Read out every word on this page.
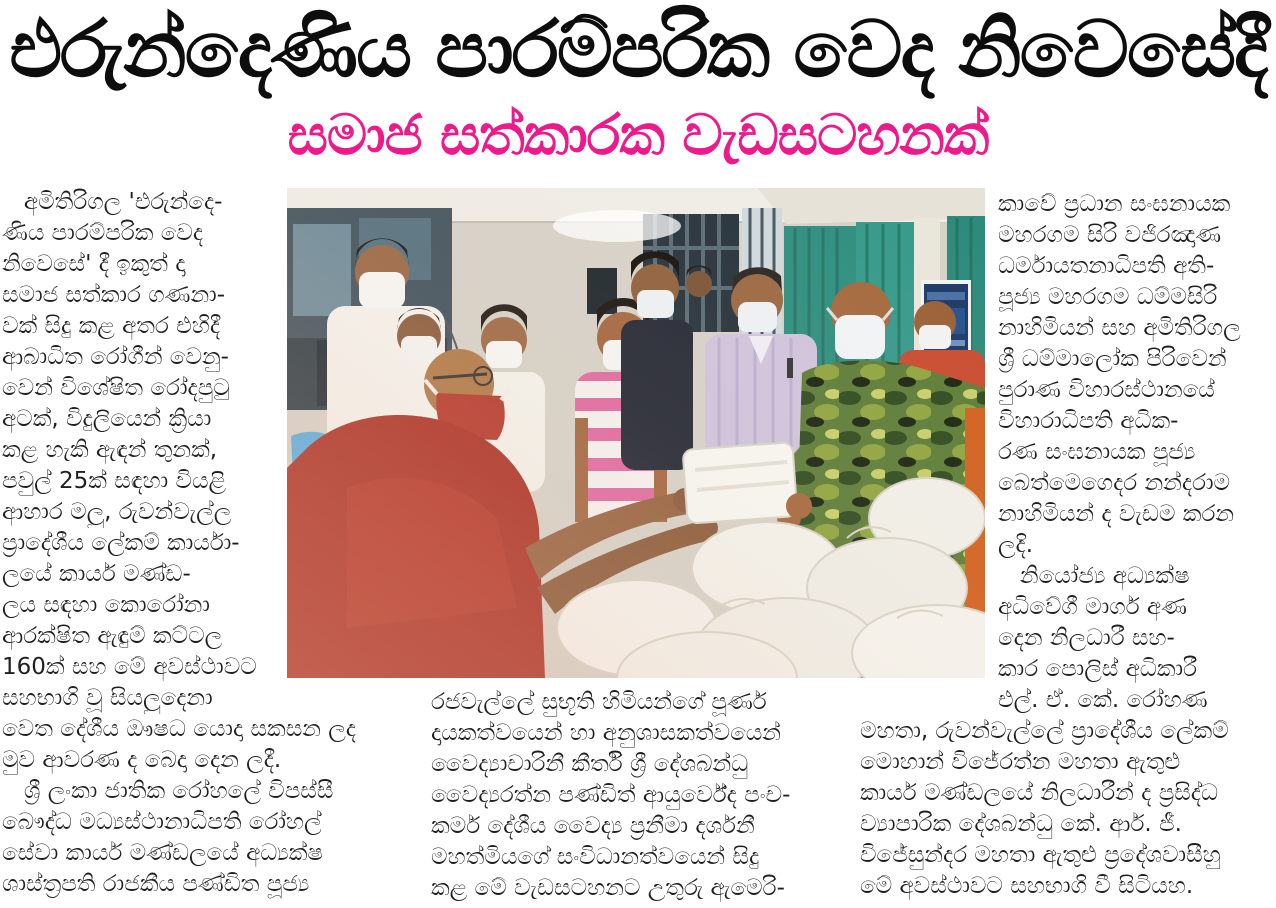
එරුන්දෙණිය පාරම්පරික වෙද නිවෙසේදී
සමාජ සත්කාරක වැඩසටහනක්
අමිතිරිගල 'එරුන්දෙ-
ණිය පාරම්පරික වෙද
නිවෙසේ' දී ඉකුත් දා
සමාජ සත්කාර ගණනා-
වක් සිදු කළ අතර එහිදී
ආබාධිත රෝගීන් වෙනු-
වෙන් විශේෂිත රෝදපුටු
අටක්, විදුලියෙන් ක්‍රියා
කළ හැකි ඇඳන් තුනක්,
පවුල් 25ක් සඳහා වියළි
ආහාර මලු, රුවන්වැල්ල
ප්‍රාදේශීය ලේකම් කාර්යා-
ලයේ කාර්ය මණ්ඩ-
ලය සඳහා කොරෝනා
ආරක්ෂිත ඇඳුම් කට්ටල
160ක් සහ මේ අවස්ථාවට
සහභාගි වූ සියලුදෙනා
වෙත දේශීය ඖෂධ යොදා සකසන ලද
මුව ආවරණ ද බෙදා දෙන ලදී.
ශ්‍රී ලංකා ජාතික රෝහලේ විපස්සී
බෞද්ධ මධ්‍යස්ථානාධිපති රෝහල්
සේවා කාර්ය මණ්ඩලයේ අධ්‍යක්ෂ
ශාස්ත්‍රපති රාජකීය පණ්ඩිත පූජ්‍ය
රජවැල්ලේ සුභූති හිමියන්ගේ පූර්ණ
දායකත්වයෙන් හා අනුශාසකත්වයෙන්
වෛද්‍යාචාරිනී කීර්ති ශ්‍රී දේශබන්ධු
වෛද්‍යරත්න පණ්ඩිත් ආයුර්වේද පංච-
කර්ම දේශීය වෛද්‍ය ප්‍රනීමා දර්ශනී
මහත්මියගේ සංවිධානත්වයෙන් සිදු
කළ මේ වැඩසටහනට උතුරු ඇමෙරි-
කාවේ ප්‍රධාන සංඝනායක
මහරගම සිරි වජිරඤාණ
ධර්මායතනාධිපති අති-
පූජ්‍ය මහරගම ධම්මසිරි
නාහිමියන් සහ අමිතිරිගල
ශ්‍රී ධම්මාලෝක පිරිවෙන්
පුරාණ විහාරස්ථානයේ
විහාරාධිපති අධික-
රණ සංඝනායක පූජ්‍ය
බෙත්මෙගෙදර නන්දරාම
නාහිමියන් ද වැඩම කරන
ලදි.
නියෝජ්‍ය අධ්‍යක්ෂ
අධිවේගී මාර්ග අණ
දෙන නිලධාරී සහ-
කාර පොලිස් අධිකාරී
එල්. ඒ. කේ. රෝහණ
මහතා, රුවන්වැල්ලේ ප්‍රාදේශීය ලේකම්
මොහාන් විජේරත්න මහතා ඇතුළු
කාර්ය මණ්ඩලයේ නිලධාරීන් ද ප්‍රසිද්ධ
ව්‍යාපාරික දේශබන්ධු කේ. ආර්. ජී.
විජේසුන්දර මහතා ඇතුළු ප්‍රදේශවාසීහු
මේ අවස්ථාවට සහභාගි වී සිටියහ.
